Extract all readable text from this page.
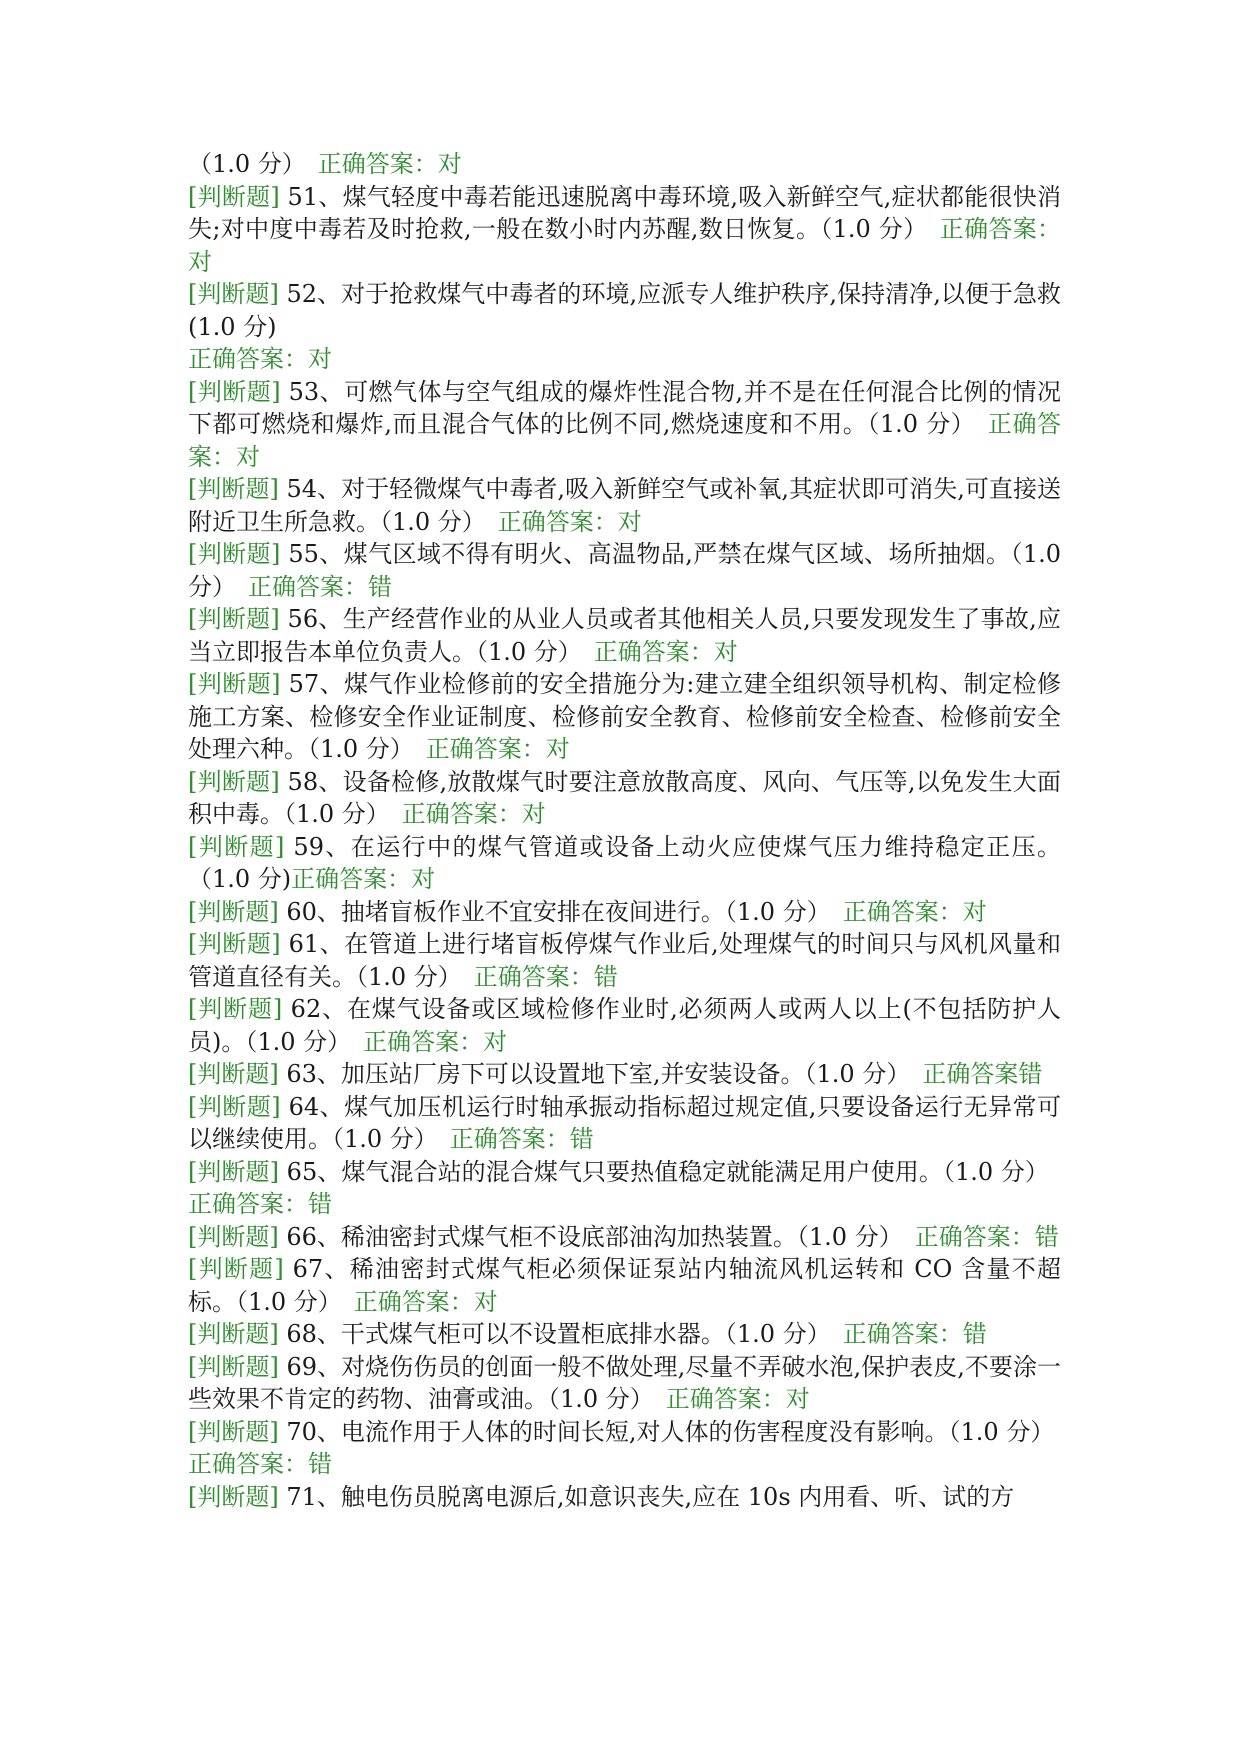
（1.0 分）　正确答案：对

[判断题] 51、煤气轻度中毒若能迅速脱离中毒环境,吸入新鲜空气,症状都能很快消失;对中度中毒若及时抢救,一般在数小时内苏醒,数日恢复。（1.0 分）　正确答案：对

[判断题] 52、对于抢救煤气中毒者的环境,应派专人维护秩序,保持清净,以便于急救(1.0 分)
正确答案：对

[判断题] 53、可燃气体与空气组成的爆炸性混合物,并不是在任何混合比例的情况下都可燃烧和爆炸,而且混合气体的比例不同,燃烧速度和不用。（1.0 分）　正确答案：对

[判断题] 54、对于轻微煤气中毒者,吸入新鲜空气或补氧,其症状即可消失,可直接送附近卫生所急救。（1.0 分）　正确答案：对

[判断题] 55、煤气区域不得有明火、高温物品,严禁在煤气区域、场所抽烟。（1.0 分）　正确答案：错

[判断题] 56、生产经营作业的从业人员或者其他相关人员,只要发现发生了事故,应当立即报告本单位负责人。（1.0 分）　正确答案：对

[判断题] 57、煤气作业检修前的安全措施分为:建立建全组织领导机构、制定检修施工方案、检修安全作业证制度、检修前安全教育、检修前安全检查、检修前安全处理六种。（1.0 分）　正确答案：对

[判断题] 58、设备检修,放散煤气时要注意放散高度、风向、气压等,以免发生大面积中毒。（1.0 分）　正确答案：对

[判断题] 59、在运行中的煤气管道或设备上动火应使煤气压力维持稳定正压。（1.0 分)正确答案：对

[判断题] 60、抽堵盲板作业不宜安排在夜间进行。（1.0 分）　正确答案：对

[判断题] 61、在管道上进行堵盲板停煤气作业后,处理煤气的时间只与风机风量和管道直径有关。（1.0 分）　正确答案：错

[判断题] 62、在煤气设备或区域检修作业时,必须两人或两人以上(不包括防护人员)。（1.0 分）　正确答案：对

[判断题] 63、加压站厂房下可以设置地下室,并安装设备。（1.0 分）　正确答案错

[判断题] 64、煤气加压机运行时轴承振动指标超过规定值,只要设备运行无异常可以继续使用。（1.0 分）　正确答案：错

[判断题] 65、煤气混合站的混合煤气只要热值稳定就能满足用户使用。（1.0 分）　正确答案：错

[判断题] 66、稀油密封式煤气柜不设底部油沟加热装置。（1.0 分）　正确答案：错

[判断题] 67、稀油密封式煤气柜必须保证泵站内轴流风机运转和 CO 含量不超标。（1.0 分）　正确答案：对

[判断题] 68、干式煤气柜可以不设置柜底排水器。（1.0 分）　正确答案：错

[判断题] 69、对烧伤伤员的创面一般不做处理,尽量不弄破水泡,保护表皮,不要涂一些效果不肯定的药物、油膏或油。（1.0 分）　正确答案：对

[判断题] 70、电流作用于人体的时间长短,对人体的伤害程度没有影响。（1.0 分）　正确答案：错

[判断题] 71、触电伤员脱离电源后,如意识丧失,应在 10s 内用看、听、试的方
